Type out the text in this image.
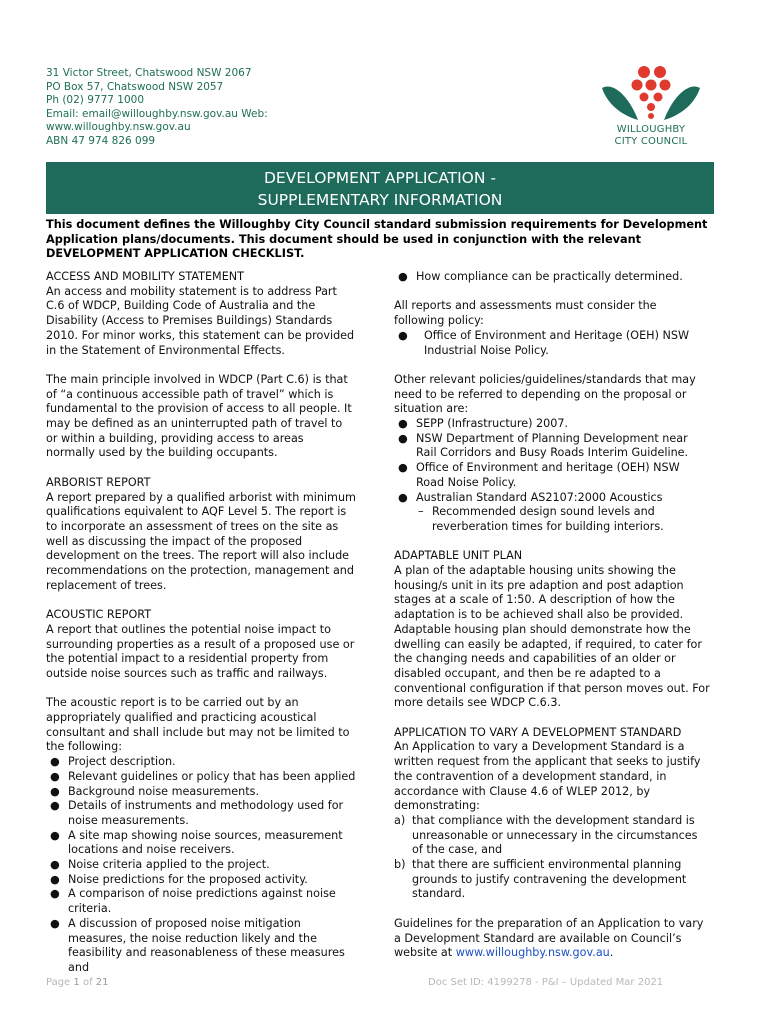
31 Victor Street, Chatswood NSW 2067
PO Box 57, Chatswood NSW 2057
Ph (02) 9777 1000
Email: email@willoughby.nsw.gov.au Web:
www.willoughby.nsw.gov.au
ABN 47 974 826 099
WILLOUGHBY
CITY COUNCIL
DEVELOPMENT APPLICATION -
SUPPLEMENTARY INFORMATION
This document defines the Willoughby City Council standard submission requirements for Development Application plans/documents. This document should be used in conjunction with the relevant DEVELOPMENT APPLICATION CHECKLIST.
ACCESS AND MOBILITY STATEMENT

An access and mobility statement is to address Part C.6 of WDCP, Building Code of Australia and the Disability (Access to Premises Buildings) Standards 2010. For minor works, this statement can be provided in the Statement of Environmental Effects.

The main principle involved in WDCP (Part C.6) is that of “a continuous accessible path of travel” which is fundamental to the provision of access to all people. It may be defined as an uninterrupted path of travel to or within a building, providing access to areas normally used by the building occupants.

ARBORIST REPORT

A report prepared by a qualified arborist with minimum qualifications equivalent to AQF Level 5. The report is to incorporate an assessment of trees on the site as well as discussing the impact of the proposed development on the trees. The report will also include recommendations on the protection, management and replacement of trees.

ACOUSTIC REPORT

A report that outlines the potential noise impact to surrounding properties as a result of a proposed use or the potential impact to a residential property from outside noise sources such as traffic and railways.

The acoustic report is to be carried out by an appropriately qualified and practicing acoustical consultant and shall include but may not be limited to the following:

● Project description.
● Relevant guidelines or policy that has been applied
● Background noise measurements.
● Details of instruments and methodology used for noise measurements.
● A site map showing noise sources, measurement locations and noise receivers.
● Noise criteria applied to the project.
● Noise predictions for the proposed activity.
● A comparison of noise predictions against noise criteria.
● A discussion of proposed noise mitigation measures, the noise reduction likely and the feasibility and reasonableness of these measures and
● How compliance can be practically determined.

All reports and assessments must consider the following policy:

● Office of Environment and Heritage (OEH) NSW Industrial Noise Policy.

Other relevant policies/guidelines/standards that may need to be referred to depending on the proposal or situation are:

● SEPP (Infrastructure) 2007.
● NSW Department of Planning Development near Rail Corridors and Busy Roads Interim Guideline.
● Office of Environment and heritage (OEH) NSW Road Noise Policy.
● Australian Standard AS2107:2000 Acoustics
– Recommended design sound levels and reverberation times for building interiors.
ADAPTABLE UNIT PLAN

A plan of the adaptable housing units showing the housing/s unit in its pre adaption and post adaption stages at a scale of 1:50. A description of how the adaptation is to be achieved shall also be provided. Adaptable housing plan should demonstrate how the dwelling can easily be adapted, if required, to cater for the changing needs and capabilities of an older or disabled occupant, and then be re adapted to a conventional configuration if that person moves out. For more details see WDCP C.6.3.

APPLICATION TO VARY A DEVELOPMENT STANDARD

An Application to vary a Development Standard is a written request from the applicant that seeks to justify the contravention of a development standard, in accordance with Clause 4.6 of WLEP 2012, by demonstrating:

a) that compliance with the development standard is unreasonable or unnecessary in the circumstances of the case, and
b) that there are sufficient environmental planning grounds to justify contravening the development standard.

Guidelines for the preparation of an Application to vary a Development Standard are available on Council’s website at www.willoughby.nsw.gov.au.

Page 1 of 21	Doc Set ID: 4199278 - P&I – Updated Mar 2021
